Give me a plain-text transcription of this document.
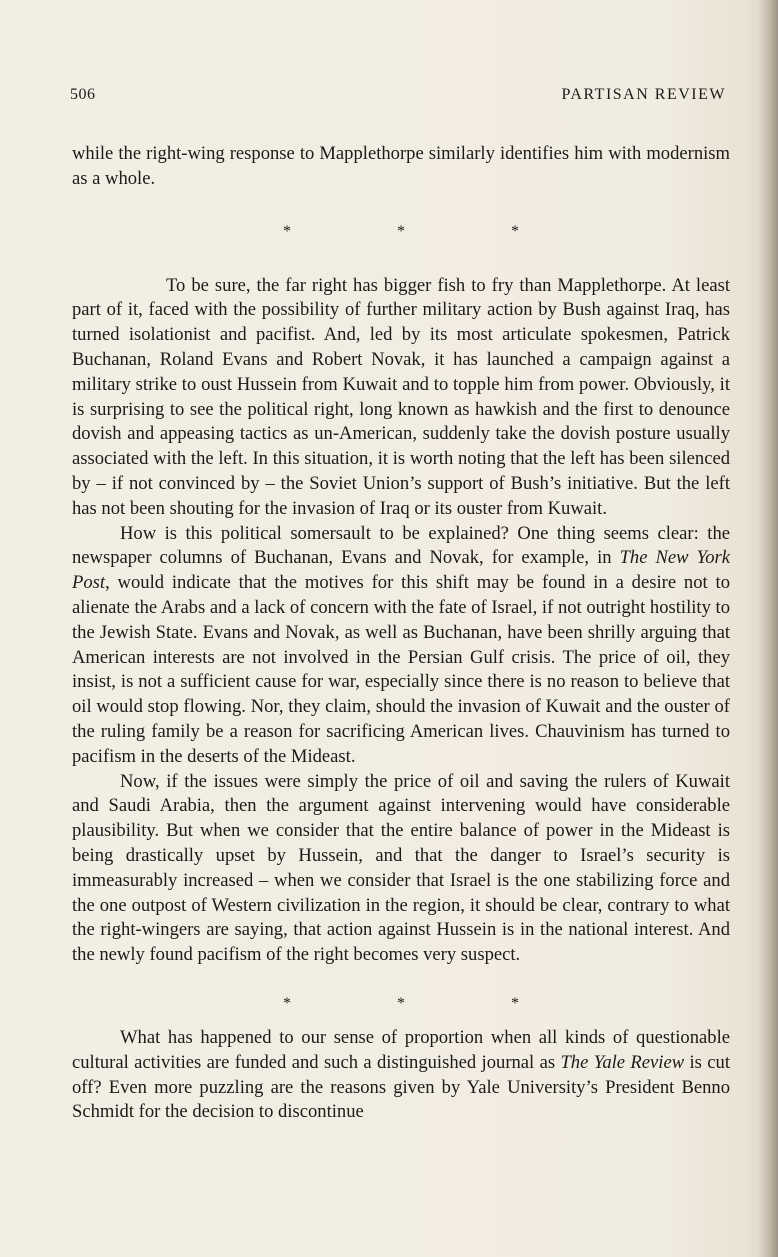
506	PARTISAN REVIEW

while the right-wing response to Mapplethorpe similarly identifies him with modernism as a whole.

*	*	*

To be sure, the far right has bigger fish to fry than Mapplethorpe. At least part of it, faced with the possibility of further military action by Bush against Iraq, has turned isolationist and pacifist. And, led by its most articulate spokesmen, Patrick Buchanan, Roland Evans and Robert Novak, it has launched a campaign against a military strike to oust Hussein from Kuwait and to topple him from power. Obviously, it is surprising to see the political right, long known as hawkish and the first to denounce dovish and appeasing tactics as un-American, suddenly take the dovish posture usually associated with the left. In this situation, it is worth noting that the left has been silenced by – if not convinced by – the Soviet Union’s support of Bush’s initiative. But the left has not been shouting for the invasion of Iraq or its ouster from Kuwait.

How is this political somersault to be explained? One thing seems clear: the newspaper columns of Buchanan, Evans and Novak, for example, in The New York Post, would indicate that the motives for this shift may be found in a desire not to alienate the Arabs and a lack of concern with the fate of Israel, if not outright hostility to the Jewish State. Evans and Novak, as well as Buchanan, have been shrilly arguing that American interests are not involved in the Persian Gulf crisis. The price of oil, they insist, is not a sufficient cause for war, especially since there is no reason to believe that oil would stop flowing. Nor, they claim, should the invasion of Kuwait and the ouster of the ruling family be a reason for sacrificing American lives. Chauvinism has turned to pacifism in the deserts of the Mideast.

Now, if the issues were simply the price of oil and saving the rulers of Kuwait and Saudi Arabia, then the argument against intervening would have considerable plausibility. But when we consider that the entire balance of power in the Mideast is being drastically upset by Hussein, and that the danger to Israel’s security is immeasurably increased – when we consider that Israel is the one stabilizing force and the one outpost of Western civilization in the region, it should be clear, contrary to what the right-wingers are saying, that action against Hussein is in the national interest. And the newly found pacifism of the right becomes very suspect.

*	*	*

What has happened to our sense of proportion when all kinds of questionable cultural activities are funded and such a distinguished journal as The Yale Review is cut off? Even more puzzling are the reasons given by Yale University’s President Benno Schmidt for the decision to discontinue
